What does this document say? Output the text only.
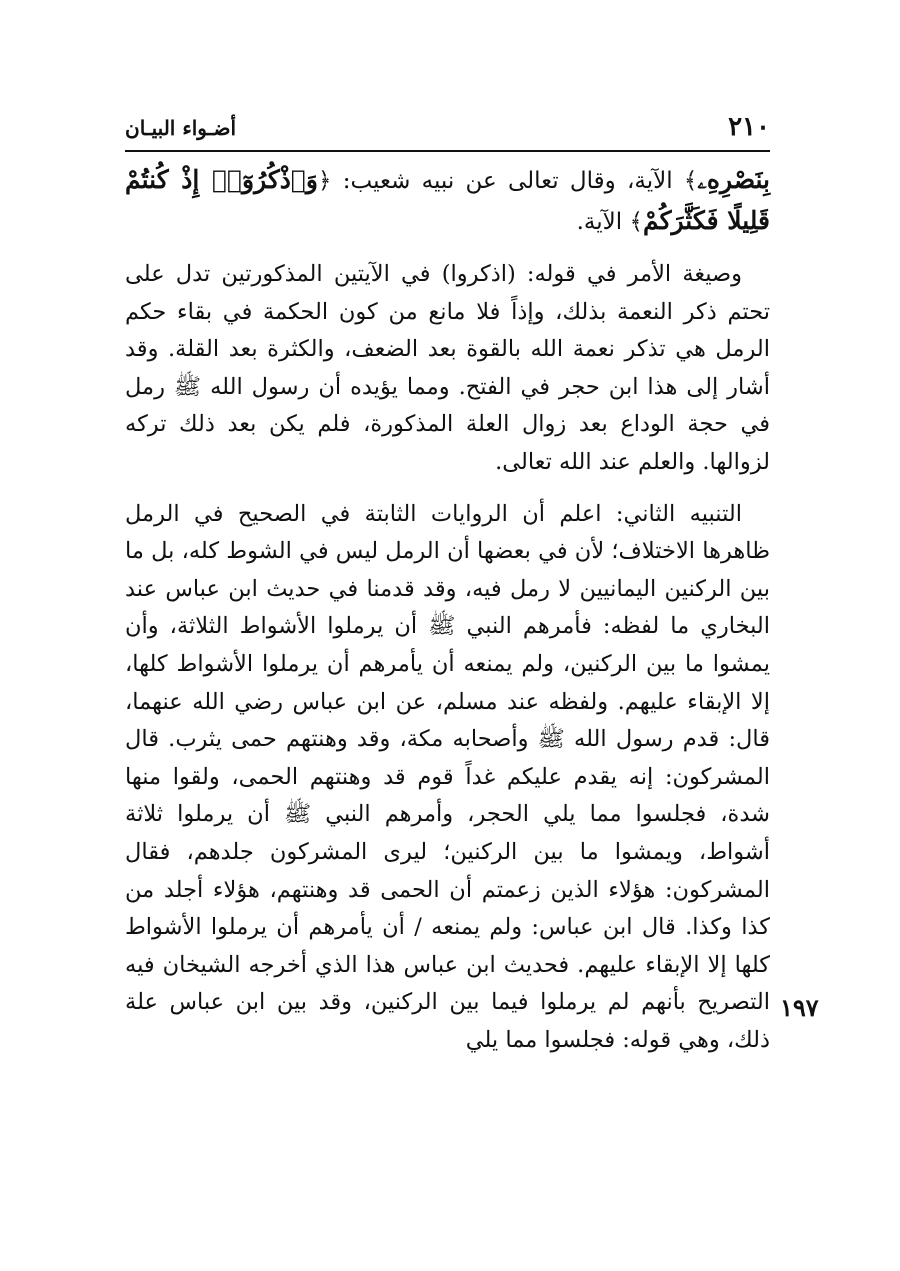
٢١٠
أضـواء البيـان

بِنَصْرِهِۦ﴾ الآية، وقال تعالى عن نبيه شعيب: ﴿وَٱذْكُرُوٓا۟ إِذْ كُنتُمْ قَلِيلًا فَكَثَّرَكُمْ﴾ الآية.

وصيغة الأمر في قوله: (اذكروا) في الآيتين المذكورتين تدل على تحتم ذكر النعمة بذلك، وإذاً فلا مانع من كون الحكمة في بقاء حكم الرمل هي تذكر نعمة الله بالقوة بعد الضعف، والكثرة بعد القلة. وقد أشار إلى هذا ابن حجر في الفتح. ومما يؤيده أن رسول الله ﷺ رمل في حجة الوداع بعد زوال العلة المذكورة، فلم يكن بعد ذلك تركه لزوالها. والعلم عند الله تعالى.

التنبيه الثاني: اعلم أن الروايات الثابتة في الصحيح في الرمل ظاهرها الاختلاف؛ لأن في بعضها أن الرمل ليس في الشوط كله، بل ما بين الركنين اليمانيين لا رمل فيه، وقد قدمنا في حديث ابن عباس عند البخاري ما لفظه: فأمرهم النبي ﷺ أن يرملوا الأشواط الثلاثة، وأن يمشوا ما بين الركنين، ولم يمنعه أن يأمرهم أن يرملوا الأشواط كلها، إلا الإبقاء عليهم. ولفظه عند مسلم، عن ابن عباس رضي الله عنهما، قال: قدم رسول الله ﷺ وأصحابه مكة، وقد وهنتهم حمى يثرب. قال المشركون: إنه يقدم عليكم غداً قوم قد وهنتهم الحمى، ولقوا منها شدة، فجلسوا مما يلي الحجر، وأمرهم النبي ﷺ أن يرملوا ثلاثة أشواط، ويمشوا ما بين الركنين؛ ليرى المشركون جلدهم، فقال المشركون: هؤلاء الذين زعمتم أن الحمى قد وهنتهم، هؤلاء أجلد من كذا وكذا. قال ابن عباس: ولم يمنعه / أن يأمرهم أن يرملوا الأشواط كلها إلا الإبقاء عليهم. فحديث ابن عباس هذا الذي أخرجه الشيخان فيه التصريح بأنهم لم يرملوا فيما بين الركنين، وقد بين ابن عباس علة ذلك، وهي قوله: فجلسوا مما يلي

١٩٧
